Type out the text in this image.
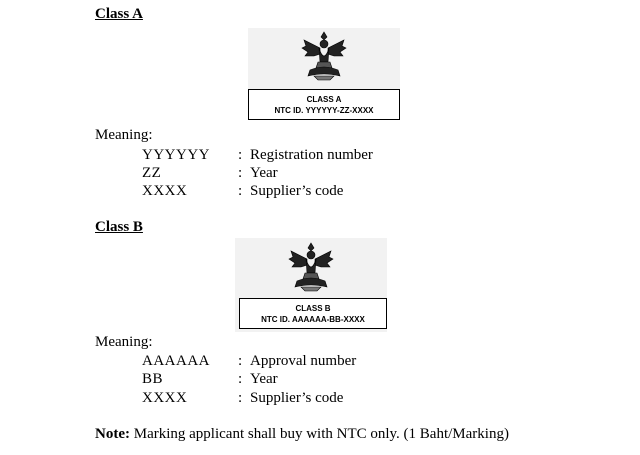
Class A
CLASS A
NTC ID. YYYYYY-ZZ-XXXX
Meaning:
YYYYYY : Registration number
ZZ	: Year
XXXX	: Supplier’s code
Class B
CLASS B
NTC ID. AAAAAA-BB-XXXX
Meaning:
AAAAAA : Approval number
BB	: Year
XXXX	: Supplier’s code
Note: Marking applicant shall buy with NTC only. (1 Baht/Marking)
